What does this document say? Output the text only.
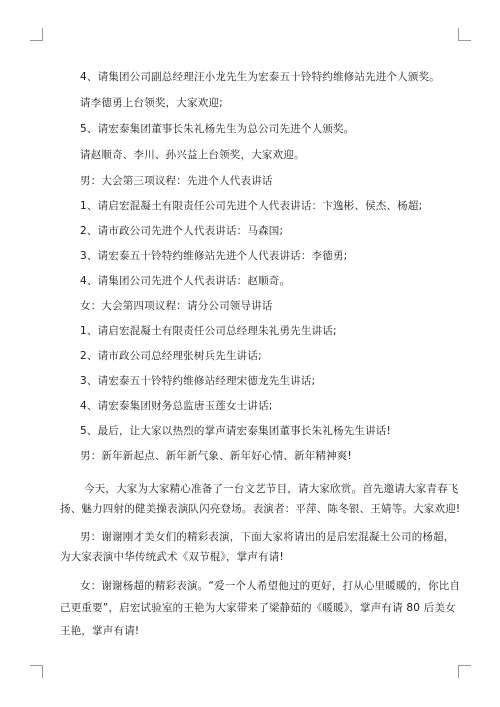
4、请集团公司副总经理汪小龙先生为宏泰五十铃特约维修站先进个人颁奖。
请李德勇上台领奖，大家欢迎;
5、请宏泰集团董事长朱礼杨先生为总公司先进个人颁奖。
请赵顺奇、李川、孙兴益上台领奖，大家欢迎。
男：大会第三项议程：先进个人代表讲话
1、请启宏混凝土有限责任公司先进个人代表讲话：卞逸彬、侯杰、杨超;
2、请市政公司先进个人代表讲话：马森国;
3、请宏泰五十铃特约维修站先进个人代表讲话：李德勇;
4、请集团公司先进个人代表讲话：赵顺奇。
女：大会第四项议程：请分公司领导讲话
1、请启宏混凝土有限责任公司总经理朱礼勇先生讲话;
2、请市政公司总经理张树兵先生讲话;
3、请宏泰五十铃特约维修站经理宋德龙先生讲话;
4、请宏泰集团财务总监唐玉莲女士讲话;
5、最后，让大家以热烈的掌声请宏泰集团董事长朱礼杨先生讲话!
男：新年新起点、新年新气象、新年好心情、新年精神爽!
今天，大家为大家精心准备了一台文艺节目，请大家欣赏。首先邀请大家青春飞
扬、魅力四射的健美操表演队闪亮登场。表演者：平萍、陈冬银、王婧等。大家欢迎!
男：谢谢刚才美女们的精彩表演，下面大家将请出的是启宏混凝土公司的杨超，
为大家表演中华传统武术《双节棍》，掌声有请!
女：谢谢杨超的精彩表演。“爱一个人希望他过的更好，打从心里暖暖的，你比自
己更重要”，启宏试验室的王艳为大家带来了梁静茹的《暖暖》，掌声有请 80 后美女
王艳，掌声有请!
